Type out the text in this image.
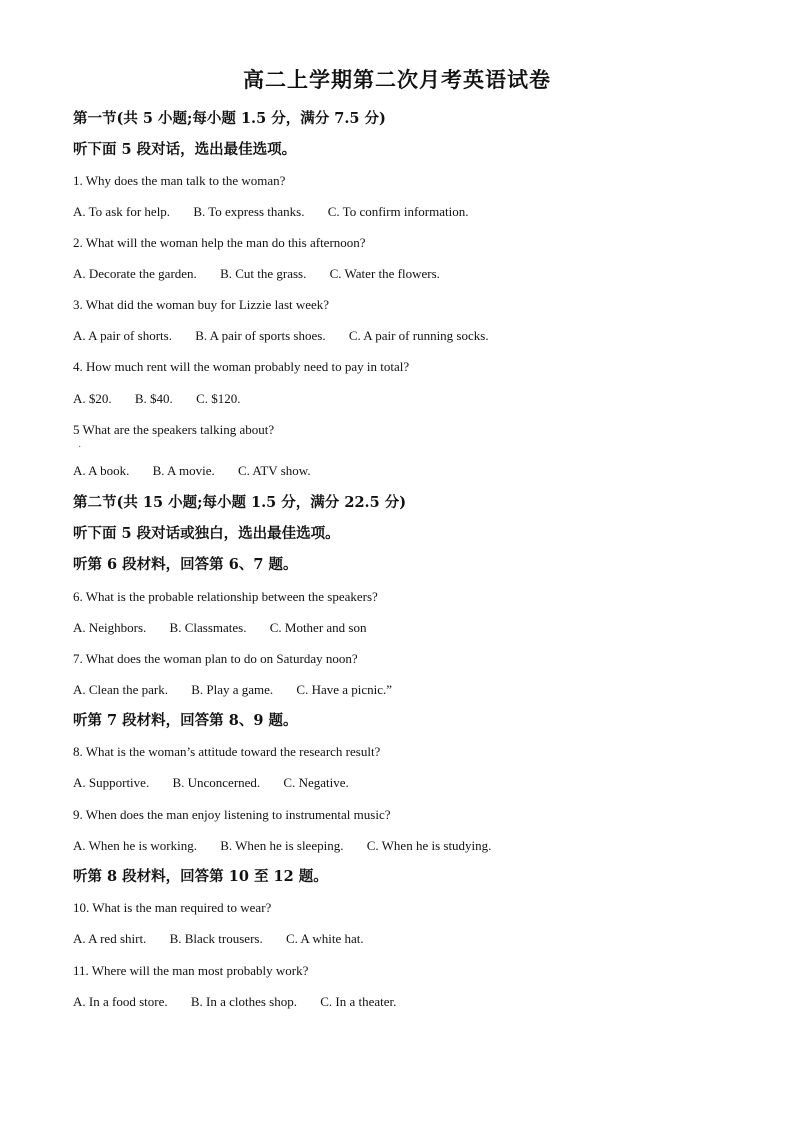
高二上学期第二次月考英语试卷
第一节(共 5 小题;每小题 1.5 分，满分 7.5 分)
听下面 5 段对话，选出最佳选项。
1. Why does the man talk to the woman?
A. To ask for help. B. To express thanks. C. To confirm information.
2. What will the woman help the man do this afternoon?
A. Decorate the garden. B. Cut the grass. C. Water the flowers.
3. What did the woman buy for Lizzie last week?
A. A pair of shorts. B. A pair of sports shoes. C. A pair of running socks.
4. How much rent will the woman probably need to pay in total?
A. $20. B. $40. C. $120.
5 What are the speakers talking about?
·
A. A book. B. A movie. C. ATV show.
第二节(共 15 小题;每小题 1.5 分，满分 22.5 分)
听下面 5 段对话或独白，选出最佳选项。
听第 6 段材料，回答第 6、7 题。
6. What is the probable relationship between the speakers?
A. Neighbors. B. Classmates. C. Mother and son
7. What does the woman plan to do on Saturday noon?
A. Clean the park. B. Play a game. C. Have a picnic.”
听第 7 段材料，回答第 8、9 题。
8. What is the woman’s attitude toward the research result?
A. Supportive. B. Unconcerned. C. Negative.
9. When does the man enjoy listening to instrumental music?
A. When he is working. B. When he is sleeping. C. When he is studying.
听第 8 段材料，回答第 10 至 12 题。
10. What is the man required to wear?
A. A red shirt. B. Black trousers. C. A white hat.
11. Where will the man most probably work?
A. In a food store. B. In a clothes shop. C. In a theater.
